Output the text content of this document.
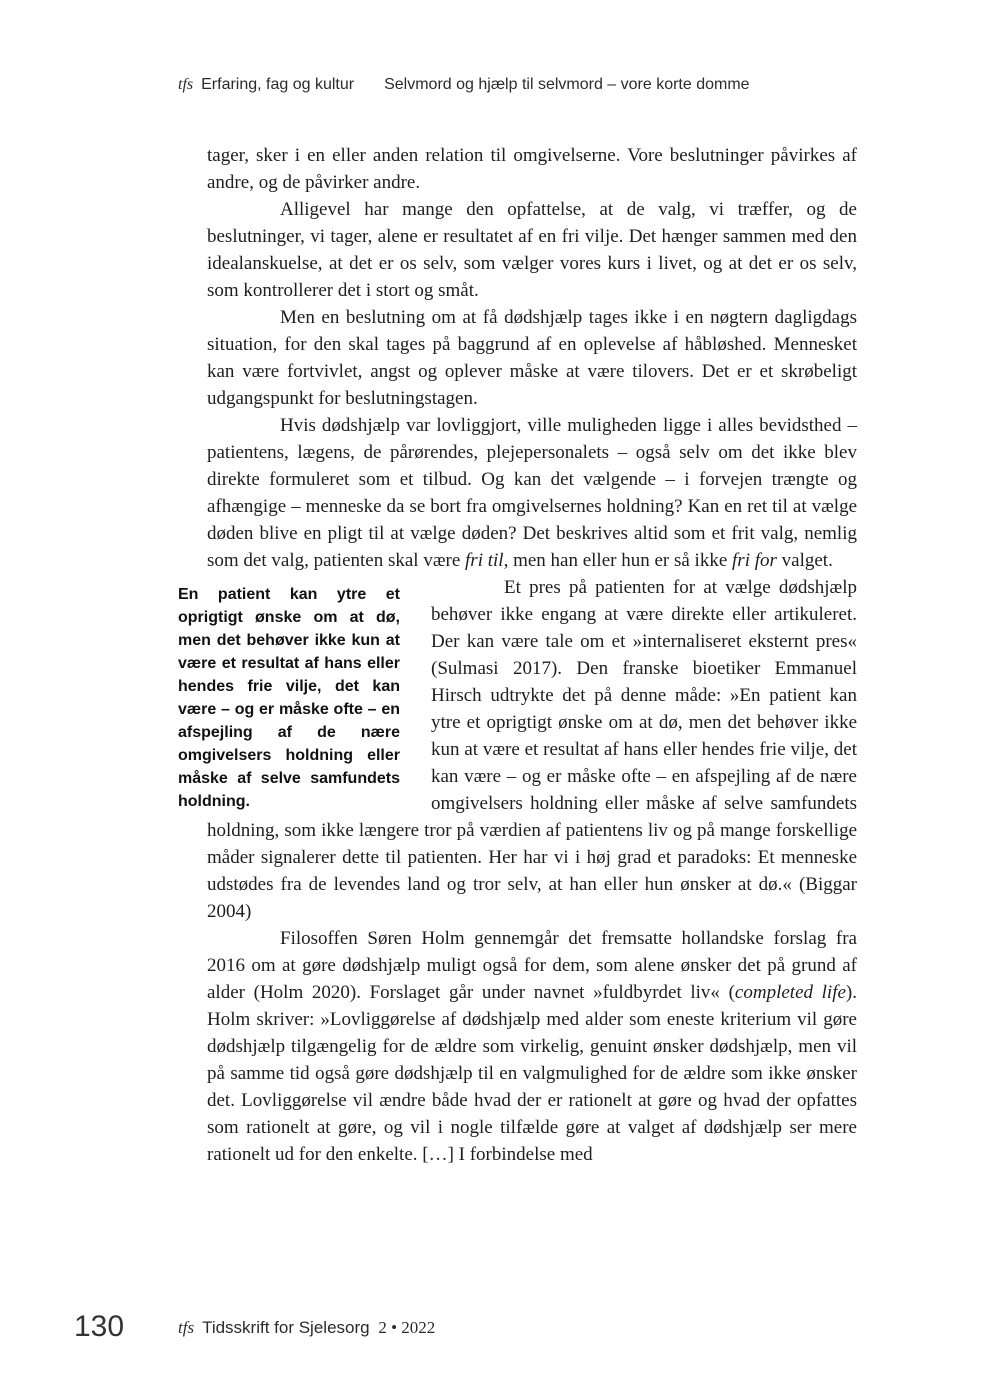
tfs Erfaring, fag og kultur Selvmord og hjælp til selvmord – vore korte domme

tager, sker i en eller anden relation til omgivelserne. Vore beslutninger påvirkes af andre, og de påvirker andre.

Alligevel har mange den opfattelse, at de valg, vi træffer, og de beslutninger, vi tager, alene er resultatet af en fri vilje. Det hænger sammen med den idealanskuelse, at det er os selv, som vælger vores kurs i livet, og at det er os selv, som kontrollerer det i stort og småt.

Men en beslutning om at få dødshjælp tages ikke i en nøgtern dagligdags situation, for den skal tages på baggrund af en oplevelse af håbløshed. Mennesket kan være fortvivlet, angst og oplever måske at være tilovers. Det er et skrøbeligt udgangspunkt for beslutningstagen.

Hvis dødshjælp var lovliggjort, ville muligheden ligge i alles bevidsthed – patientens, lægens, de pårørendes, plejepersonalets – også selv om det ikke blev direkte formuleret som et tilbud. Og kan det vælgende – i forvejen trængte og afhængige – menneske da se bort fra omgivelsernes holdning? Kan en ret til at vælge døden blive en pligt til at vælge døden? Det beskrives altid som et frit valg, nemlig som det valg, patienten skal være fri til, men han eller hun er så ikke fri for valget.

En patient kan ytre et oprigtigt ønske om at dø, men det behøver ikke kun at være et resultat af hans eller hendes frie vilje, det kan være – og er måske ofte – en afspejling af de nære omgivelsers holdning eller måske af selve samfundets holdning.

Et pres på patienten for at vælge dødshjælp behøver ikke engang at være direkte eller artikuleret. Der kan være tale om et »internaliseret eksternt pres« (Sulmasi 2017). Den franske bioetiker Emmanuel Hirsch udtrykte det på denne måde: »En patient kan ytre et oprigtigt ønske om at dø, men det behøver ikke kun at være et resultat af hans eller hendes frie vilje, det kan være – og er måske ofte – en afspejling af de nære omgivelsers holdning eller måske af selve samfundets holdning, som ikke længere tror på værdien af patientens liv og på mange forskellige måder signalerer dette til patienten. Her har vi i høj grad et paradoks: Et menneske udstødes fra de levendes land og tror selv, at han eller hun ønsker at dø.« (Biggar 2004)

Filosoffen Søren Holm gennemgår det fremsatte hollandske forslag fra 2016 om at gøre dødshjælp muligt også for dem, som alene ønsker det på grund af alder (Holm 2020). Forslaget går under navnet »fuldbyrdet liv« (completed life). Holm skriver: »Lovliggørelse af dødshjælp med alder som eneste kriterium vil gøre dødshjælp tilgængelig for de ældre som virkelig, genuint ønsker dødshjælp, men vil på samme tid også gøre dødshjælp til en valgmulighed for de ældre som ikke ønsker det. Lovliggørelse vil ændre både hvad der er rationelt at gøre og hvad der opfattes som rationelt at gøre, og vil i nogle tilfælde gøre at valget af dødshjælp ser mere rationelt ud for den enkelte. […] I forbindelse med

130	tfs Tidsskrift for Sjelesorg 2 • 2022
